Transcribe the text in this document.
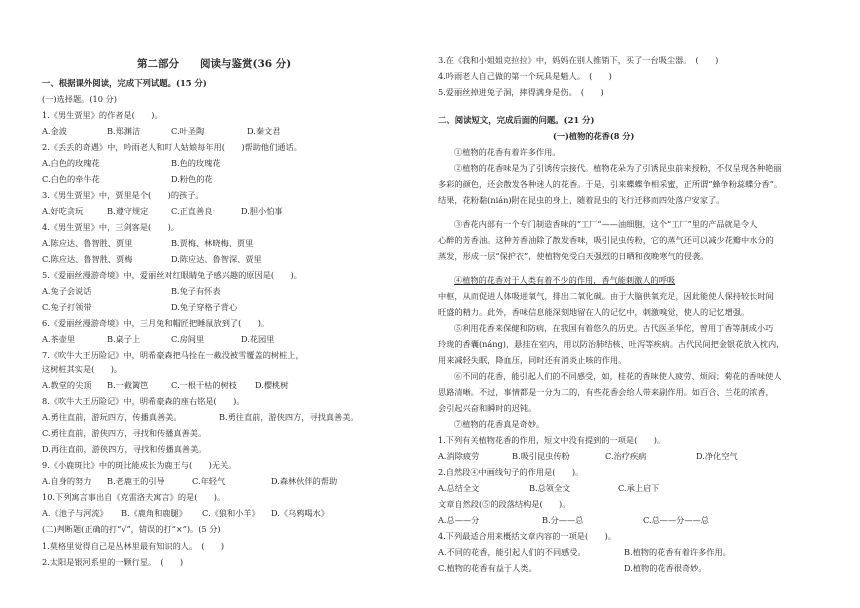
第二部分　　阅读与鉴赏(36 分)
一、根据课外阅读，完成下列试题。(15 分)
(一)选择题。(10 分)
1.《男生贾里》的作者是(　　)。
A.金波	B.郑渊洁	C.叶圣陶	D.秦文君
2.《丢丢的奇遇》中，吟雨老人和叮人姑娘每年用(　　)帮助他们通话。
A.白色的玫瑰花	B.色的玫瑰花
C.白色的牵牛花	D.粉色的花
3.《男生贾里》中，贾里是个(　　)的孩子。
A.好吃贪玩	B.遵守规定	C.正直善良	D.胆小怕事
4.《男生贾里》中，三剑客是(　　)。
A.陈应达、鲁智胜、贾里	B.贾梅、林晓梅、贾里
C.陈应达、鲁智胜、贾梅	D.陈应达、鲁智深、贾里
5.《爱丽丝漫游奇境》中，爱丽丝对红眼睛兔子感兴趣的原因是(　　)。
A.兔子会说话	B.兔子有怀表
C.兔子打领带	D.兔子穿格子背心
6.《爱丽丝漫游奇境》中，三月兔和帽匠把睡鼠放到了(　　)。
A.茶壶里	B.桌子上	C.房间里	D.花园里
7.《吹牛大王历险记》中，明希豪森把马拴在一截没被雪覆盖的树桩上，
这树桩其实是(　　)。
A.教堂的尖顶 B.一截篱笆	C.一根干枯的树枝 D.樱桃树
8.《吹牛大王历险记》中，明希豪森的座右铭是(　　)。
A.勇往直前，游玩四方，传播真善美。	B.勇往直前，游侠四方，寻找真善美。
C.勇往直前，游侠四方，寻找和传播真善美。
D.再往直前，游侠四方，寻找和传播真善美。
9.《小鹿斑比》中的斑比能成长为鹿王与(　　)无关。
A.自身的努力 B.老鹿王的引导	C.年轻气	D.森林伙伴的帮助
10.下列寓言事出自《克雷洛夫寓言》的是(　　)。
A.《池子与河流》 B.《鹿角和鹿腿》 C.《狼和小羊》 D.《乌鸦喝水》
(二)判断题(正确的打“√”，错误的打“×”)。(5 分)
1.莫格里觉得自己是丛林里最有知识的人。　(　　)
2.太阳是银河系里的一颗行星。　(　　)
3.在《我和小姐姐克拉拉》中，妈妈在别人推销下，买了一台吸尘器。　(　　)
4.吟雨老人自己做的第一个玩具是魁人。　(　　)
5.爱丽丝掉进兔子洞，摔得满身是伤。　(　　)
二、阅读短文，完成后面的问题。(21 分)
(一)植物的花香(8 分)
①植物的花香有着许多作用。
②植物的花香味是为了引诱传宗接代。植物花朵为了引诱昆虫前来授粉，不仅呈现各种艳丽
多彩的颜色，还会散发各种迷人的花香。于是，引来蝶蝶争相采蜜，正所谓“蜂争粉蕊蝶分香”。
结果，花粉黏(nián)附在昆虫的身上，随着昆虫的飞行迁移而四处落户安家了。
③香花内部有一个专门制造香味的“工厂”——油细胞，这个“工厂”里的产品就是令人
心醉的芳香油。这种芳香油除了散发香味，吸引昆虫传粉，它的蒸气还可以减少花瓣中水分的
蒸发，形成一层“保护衣”，使植物免受白天强烈的日晒和夜晚寒气的侵袭。
④植物的花香对于人类有着不少的作用，香气能刺激人的呼吸
中枢，从而促进人体吸进氧气，排出二氧化碳。由于大脑供氧充足，因此能使人保持较长时间
旺盛的精力。此外，香味信息能深刻地留在人的记忆中，刺激嗅觉，使人的记忆增强。
⑤利用花香来保健和防病，在我国有着悠久的历史。古代医圣华佗，曾用丁香等制成小巧
玲珑的香囊(náng)，悬挂在室内，用以防治肺结核、吐泻等疾病。古代民间把金银花放入枕内，
用来减轻失眠，降血压，同时还有消炎止咳的作用。
⑥不同的花香，能引起人们的不同感受，如，桂花的香味使人疲劳、烦闷；菊花的香味使人
思路清晰。不过，事情都是一分为二的，有些花香会给人带来副作用。如百合、兰花的浓香，
会引起兴奋和瞬时的迟钝。
⑦植物的花香真是奇妙。
1.下列有关植物花香的作用，短文中没有提到的一项是(　　)。
A.消除疲劳	B.吸引昆虫传粉	C.治疗疾病	D.净化空气
2.自然段④中画线句子的作用是(　　)。
A.总结全文	B.总领全文	C.承上启下
文章自然段(⑤的段落结构是(　　)。
A.总——分	B.分——总	C.总——分——总
4.下列最适合用来概括文章内容的一项是(　　)。
A.不同的花香，能引起人们的不同感受。	B.植物的花香有着许多作用。
C.植物的花香有益于人类。	D.植物的花香很奇妙。
